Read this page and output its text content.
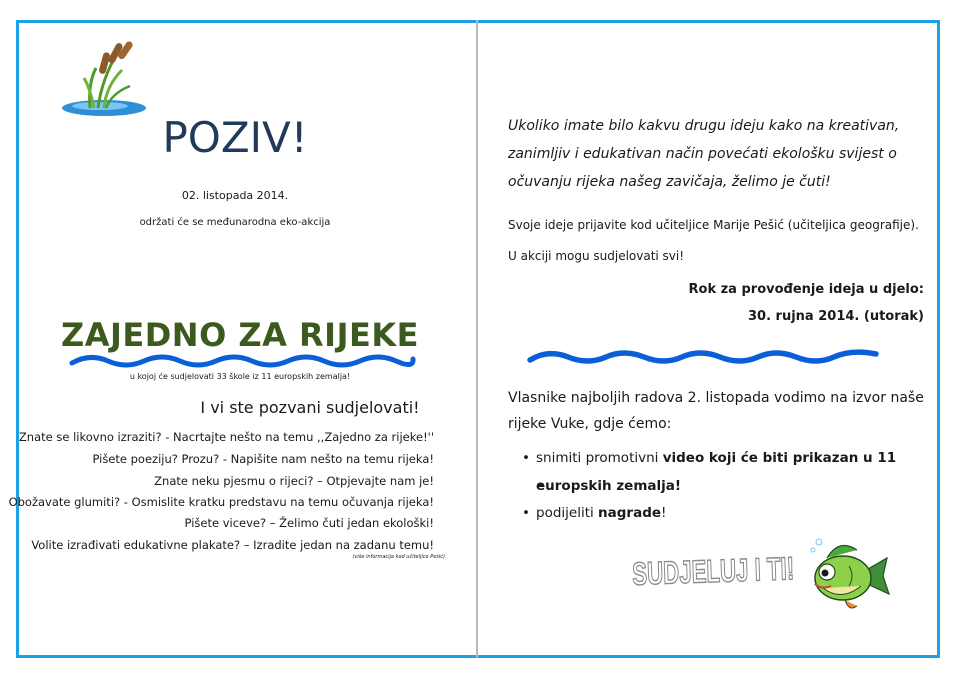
POZIV!
02. listopada 2014.
održati će se međunarodna eko-akcija
ZAJEDNO ZA RIJEKE
u kojoj će sudjelovati 33 škole iz 11 europskih zemalja!
I vi ste pozvani sudjelovati!
Znate se likovno izraziti? - Nacrtajte nešto na temu ,,Zajedno za rijeke!''
Pišete poeziju? Prozu? - Napišite nam nešto na temu rijeka!
Znate neku pjesmu o rijeci? – Otpjevajte nam je!
Obožavate glumiti? - Osmislite kratku predstavu na temu očuvanja rijeka!
Pišete viceve? – Želimo čuti jedan ekološki!
Volite izrađivati edukativne plakate? – Izradite jedan na zadanu temu!
(više informacija kod učiteljice Pešić)
Ukoliko imate bilo kakvu drugu ideju kako na kreativan,
zanimljiv i edukativan način povećati ekološku svijest o
očuvanju rijeka našeg zavičaja, želimo je čuti!
Svoje ideje prijavite kod učiteljice Marije Pešić (učiteljica geografije).
U akciji mogu sudjelovati svi!
Rok za provođenje ideja u djelo:
30. rujna 2014. (utorak)
Vlasnike najboljih radova 2. listopada vodimo na izvor naše
rijeke Vuke, gdje ćemo:
• snimiti promotivni video koji će biti prikazan u 11
• europskih zemalja!
• podijeliti nagrade!
SUDJELUJ I TI!
